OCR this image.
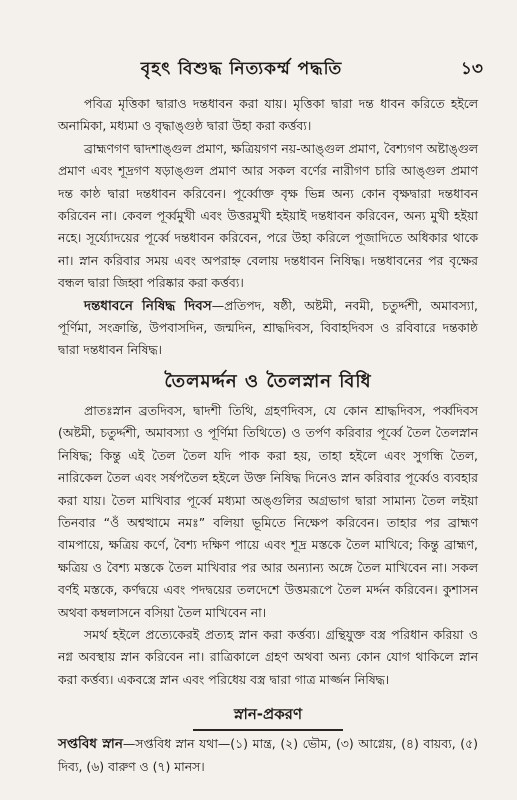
বৃহৎ বিশুদ্ধ নিত্যকর্ম্ম পদ্ধতি	১৩

পবিত্র মৃত্তিকা দ্বারাও দন্তধাবন করা যায়। মৃত্তিকা দ্বারা দন্ত ধাবন করিতে হইলে অনামিকা, মধ্যমা ও বৃদ্ধাঙ্গুষ্ঠ দ্বারা উহা করা কর্ত্তব্য।

ব্রাহ্মণগণ দ্বাদশাঙ্গুল প্রমাণ, ক্ষত্রিয়গণ নয়-আঙ্গুল প্রমাণ, বৈশ্যগণ অষ্টাঙ্গুল প্রমাণ এবং শূদ্রগণ ষড়াঙ্গুল প্রমাণ আর সকল বর্ণের নারীগণ চারি আঙ্গুল প্রমাণ দন্ত কাষ্ঠ দ্বারা দন্তধাবন করিবেন। পূর্ব্বোক্ত বৃক্ষ ভিন্ন অন্য কোন বৃক্ষদ্বারা দন্তধাবন করিবেন না। কেবল পূর্ব্বমুখী এবং উত্তরমুখী হইয়াই দন্তধাবন করিবেন, অন্য মুখী হইয়া নহে। সূর্য্যোদয়ের পূর্ব্বে দন্তধাবন করিবেন, পরে উহা করিলে পূজাদিতে অধিকার থাকে না। স্নান করিবার সময় এবং অপরাহ্ন বেলায় দন্তধাবন নিষিদ্ধ। দন্তধাবনের পর বৃক্ষের বন্ধল দ্বারা জিহ্বা পরিষ্কার করা কর্ত্তব্য।

দন্তধাবনে নিষিদ্ধ দিবস—প্রতিপদ, ষষ্ঠী, অষ্টমী, নবমী, চতুর্দ্দশী, অমাবস্যা, পূর্ণিমা, সংক্রান্তি, উপবাসদিন, জন্মদিন, শ্রাদ্ধদিবস, বিবাহদিবস ও রবিবারে দন্তকাষ্ঠ দ্বারা দন্তধাবন নিষিদ্ধ।

তৈলমর্দ্দন ও তৈলস্নান বিধি

প্রাতঃস্নান ব্রতদিবস, দ্বাদশী তিথি, গ্রহণদিবস, যে কোন শ্রাদ্ধদিবস, পর্ব্বদিবস (অষ্টমী, চতুর্দ্দশী, অমাবস্যা ও পূর্ণিমা তিথিতে) ও তর্পণ করিবার পূর্ব্বে তৈল তৈলস্নান নিষিদ্ধ; কিন্তু এই তৈল তৈল যদি পাক করা হয়, তাহা হইলে এবং সুগন্ধি তৈল, নারিকেল তৈল এবং সর্ষপতৈল হইলে উক্ত নিষিদ্ধ দিনেও স্নান করিবার পূর্ব্বেও ব্যবহার করা যায়। তৈল মাখিবার পূর্ব্বে মধ্যমা অঙ্গুলির অগ্রভাগ দ্বারা সামান্য তৈল লইয়া তিনবার “ওঁ অশ্বত্থামে নমঃ” বলিয়া ভূমিতে নিক্ষেপ করিবেন। তাহার পর ব্রাহ্মণ বামপায়ে, ক্ষত্রিয় কর্ণে, বৈশ্য দক্ষিণ পায়ে এবং শূদ্র মস্তকে তৈল মাখিবে; কিন্তু ব্রাহ্মণ, ক্ষত্রিয় ও বৈশ্য মস্তকে তৈল মাখিবার পর আর অন্যান্য অঙ্গে তৈল মাখিবেন না। সকল বর্ণই মস্তকে, কর্ণদ্বয়ে এবং পদদ্বয়ের তলদেশে উত্তমরূপে তৈল মর্দ্দন করিবেন। কুশাসন অথবা কম্বলাসনে বসিয়া তৈল মাখিবেন না।

সমর্থ হইলে প্রত্যেকেরই প্রত্যহ স্নান করা কর্ত্তব্য। গ্রন্থিযুক্ত বস্ত্র পরিধান করিয়া ও নগ্ন অবস্থায় স্নান করিবেন না। রাত্রিকালে গ্রহণ অথবা অন্য কোন যোগ থাকিলে স্নান করা কর্ত্তব্য। একবস্ত্রে স্নান এবং পরিধেয় বস্ত্র দ্বারা গাত্র মার্জ্জন নিষিদ্ধ।

স্নান-প্রকরণ

সপ্তবিধ স্নান—সপ্তবিধ স্নান যথা—(১) মান্ত্র, (২) ভৌম, (৩) আগ্নেয়, (৪) বায়ব্য, (৫) দিব্য, (৬) বারুণ ও (৭) মানস।
